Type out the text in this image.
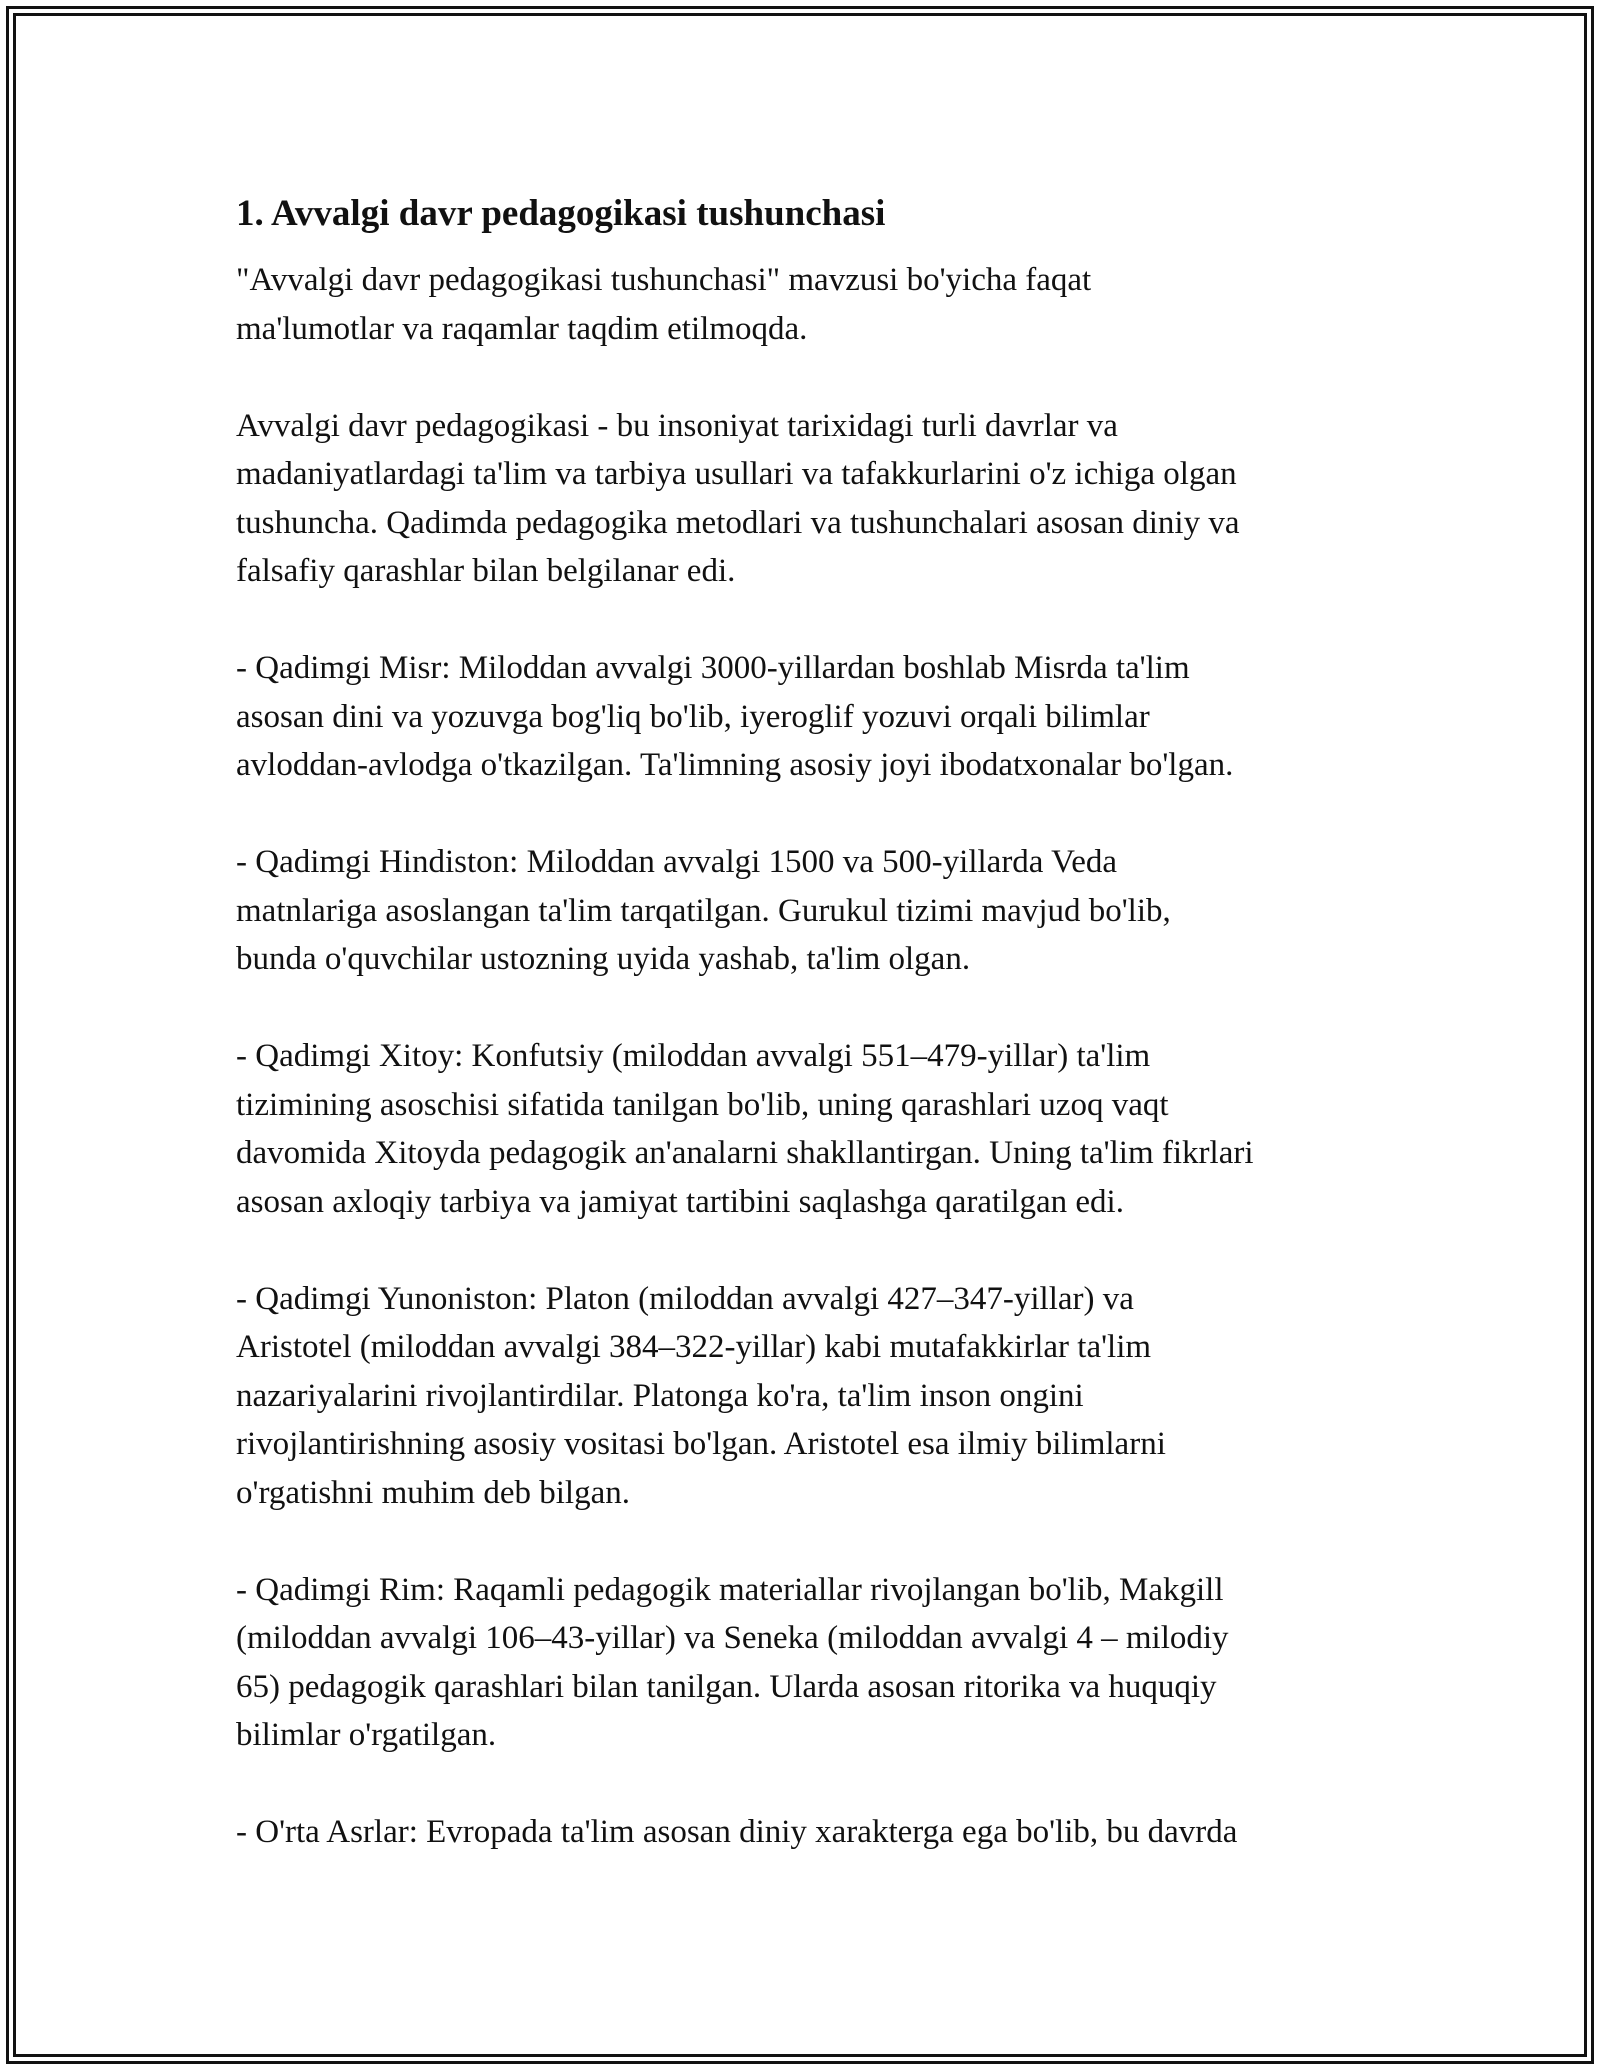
1. Avvalgi davr pedagogikasi tushunchasi
"Avvalgi davr pedagogikasi tushunchasi" mavzusi bo'yicha faqat
ma'lumotlar va raqamlar taqdim etilmoqda.
Avvalgi davr pedagogikasi - bu insoniyat tarixidagi turli davrlar va
madaniyatlardagi ta'lim va tarbiya usullari va tafakkurlarini o'z ichiga olgan
tushuncha. Qadimda pedagogika metodlari va tushunchalari asosan diniy va
falsafiy qarashlar bilan belgilanar edi.
- Qadimgi Misr: Miloddan avvalgi 3000-yillardan boshlab Misrda ta'lim
asosan dini va yozuvga bog'liq bo'lib, iyeroglif yozuvi orqali bilimlar
avloddan-avlodga o'tkazilgan. Ta'limning asosiy joyi ibodatxonalar bo'lgan.
- Qadimgi Hindiston: Miloddan avvalgi 1500 va 500-yillarda Veda
matnlariga asoslangan ta'lim tarqatilgan. Gurukul tizimi mavjud bo'lib,
bunda o'quvchilar ustozning uyida yashab, ta'lim olgan.
- Qadimgi Xitoy: Konfutsiy (miloddan avvalgi 551–479-yillar) ta'lim
tizimining asoschisi sifatida tanilgan bo'lib, uning qarashlari uzoq vaqt
davomida Xitoyda pedagogik an'analarni shakllantirgan. Uning ta'lim fikrlari
asosan axloqiy tarbiya va jamiyat tartibini saqlashga qaratilgan edi.
- Qadimgi Yunoniston: Platon (miloddan avvalgi 427–347-yillar) va
Aristotel (miloddan avvalgi 384–322-yillar) kabi mutafakkirlar ta'lim
nazariyalarini rivojlantirdilar. Platonga ko'ra, ta'lim inson ongini
rivojlantirishning asosiy vositasi bo'lgan. Aristotel esa ilmiy bilimlarni
o'rgatishni muhim deb bilgan.
- Qadimgi Rim: Raqamli pedagogik materiallar rivojlangan bo'lib, Makgill
(miloddan avvalgi 106–43-yillar) va Seneka (miloddan avvalgi 4 – milodiy
65) pedagogik qarashlari bilan tanilgan. Ularda asosan ritorika va huquqiy
bilimlar o'rgatilgan.
- O'rta Asrlar: Evropada ta'lim asosan diniy xarakterga ega bo'lib, bu davrda
